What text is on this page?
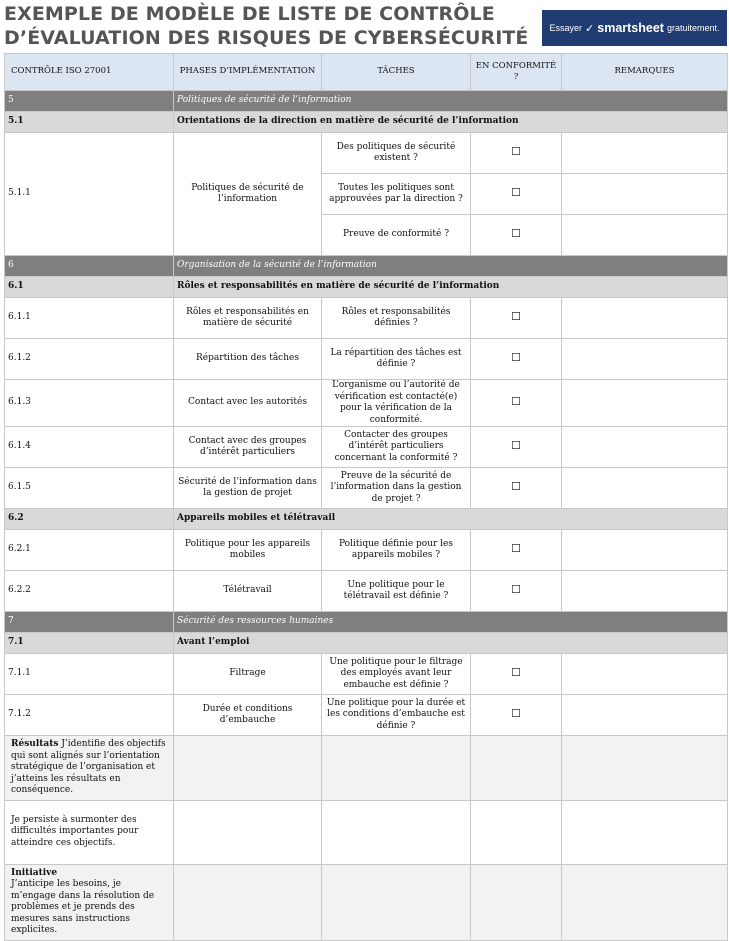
EXEMPLE DE MODÈLE DE LISTE DE CONTRÔLE D’ÉVALUATION DES RISQUES DE CYBERSÉCURITÉ	Essayer ✓ smartsheet gratuitement.
CONTRÔLE ISO 27001	PHASES D’IMPLÉMENTATION	TÂCHES	EN CONFORMITÉ ?	REMARQUES
5	Politiques de sécurité de l’information			
5.1	Orientations de la direction en matière de sécurité de l’information			
5.1.1	Politiques de sécurité de l’information	Des politiques de sécurité existent ?	☐	
		Toutes les politiques sont approuvées par la direction ?	☐	
		Preuve de conformité ?	☐	
6	Organisation de la sécurité de l’information			
6.1	Rôles et responsabilités en matière de sécurité de l’information			
6.1.1	Rôles et responsabilités en matière de sécurité	Rôles et responsabilités définies ?	☐	
6.1.2	Répartition des tâches	La répartition des tâches est définie ?	☐	
6.1.3	Contact avec les autorités	L’organisme ou l’autorité de vérification est contacté(e) pour la vérification de la conformité.	☐	
6.1.4	Contact avec des groupes d’intérêt particuliers	Contacter des groupes d’intérêt particuliers concernant la conformité ?	☐	
6.1.5	Sécurité de l’information dans la gestion de projet	Preuve de la sécurité de l’information dans la gestion de projet ?	☐	
6.2	Appareils mobiles et télétravail			
6.2.1	Politique pour les appareils mobiles	Politique définie pour les appareils mobiles ?	☐	
6.2.2	Télétravail	Une politique pour le télétravail est définie ?	☐	
7	Sécurité des ressources humaines			
7.1	Avant l’emploi			
7.1.1	Filtrage	Une politique pour le filtrage des employés avant leur embauche est définie ?	☐	
7.1.2	Durée et conditions d’embauche	Une politique pour la durée et les conditions d’embauche est définie ?	☐	
Résultats J’identifie des objectifs qui sont alignés sur l’orientation stratégique de l’organisation et j’atteins les résultats en conséquence.				
Je persiste à surmonter des difficultés importantes pour atteindre ces objectifs.				
Initiative
J’anticipe les besoins, je m’engage dans la résolution de problèmes et je prends des mesures sans instructions explicites.				
